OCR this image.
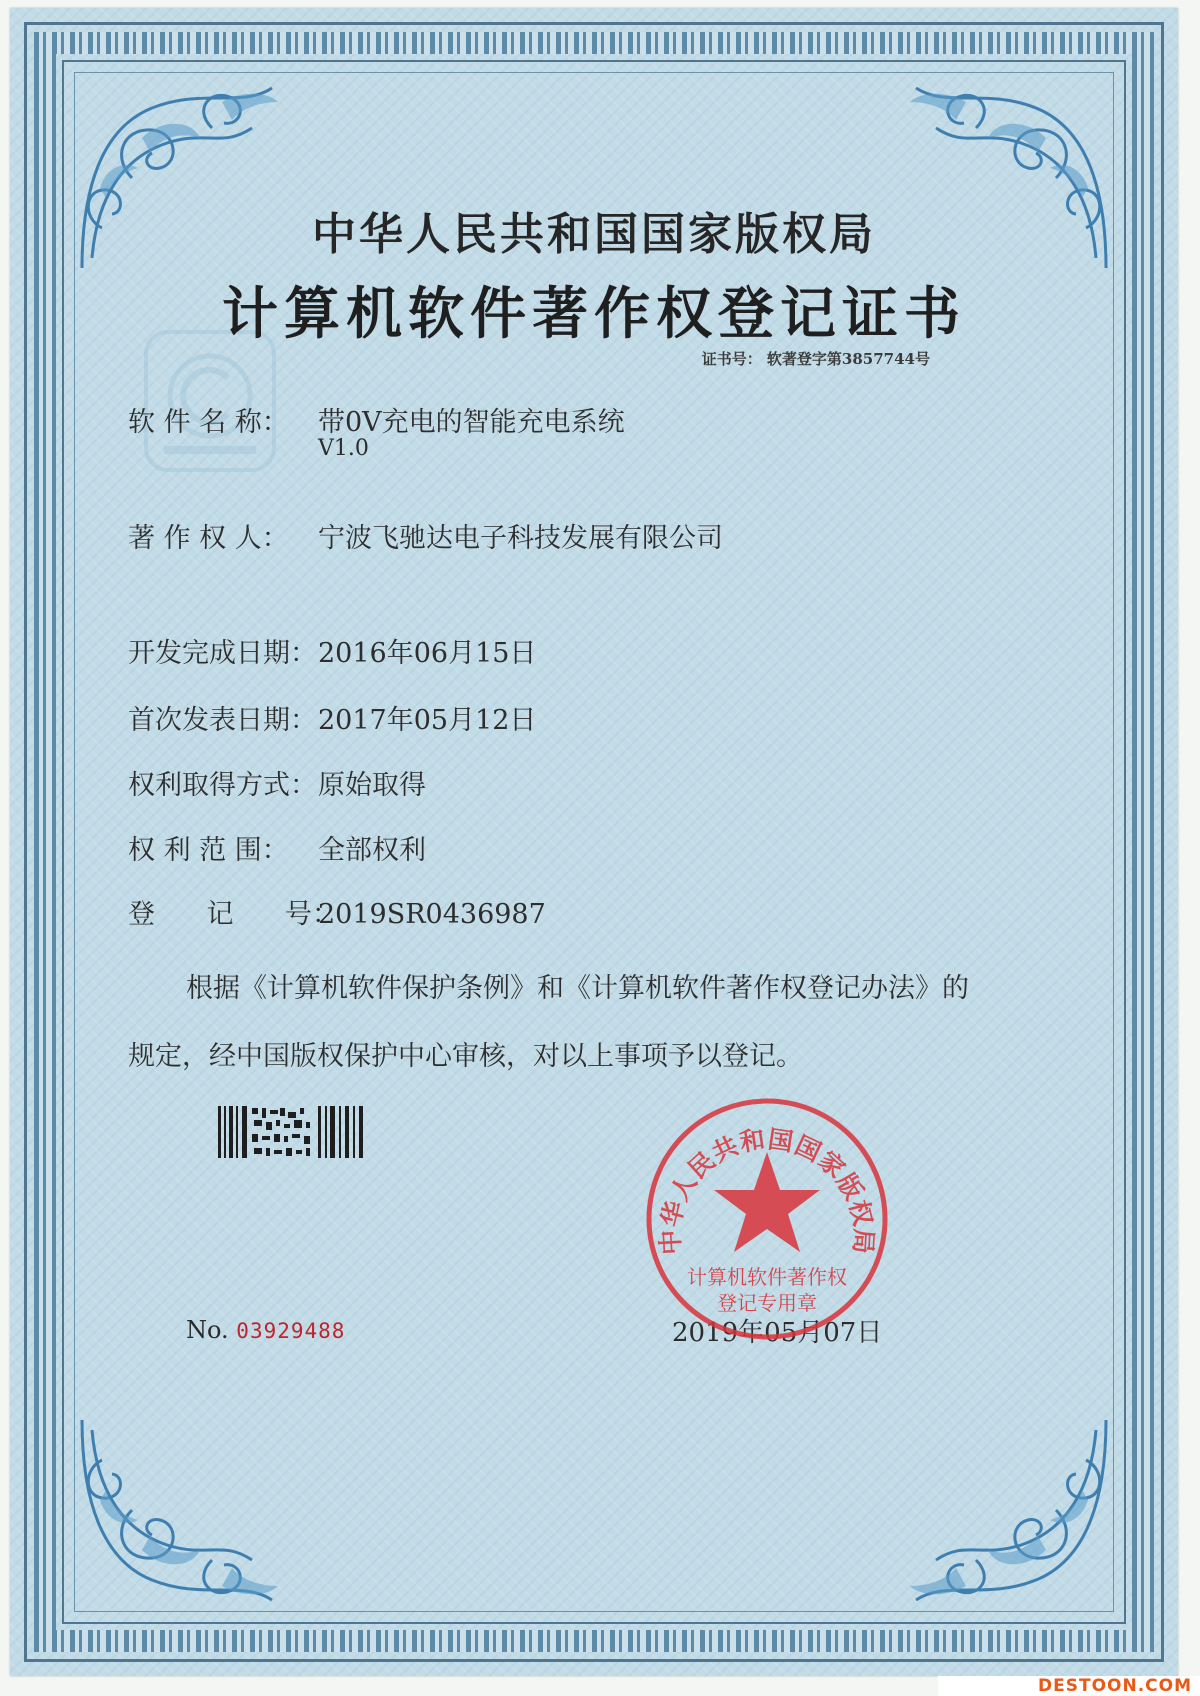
中华人民共和国国家版权局
计算机软件著作权登记证书
证书号： 软著登字第3857744号
软 件 名 称： 带0V充电的智能充电系统
V1.0
著 作 权 人： 宁波飞驰达电子科技发展有限公司
开发完成日期：2016年06月15日
首次发表日期：2017年05月12日
权利取得方式：原始取得
权 利 范 围： 全部权利
登      记      号：2019SR0436987
根据《计算机软件保护条例》和《计算机软件著作权登记办法》的
规定，经中国版权保护中心审核，对以上事项予以登记。
No. 03929488	2019年05月07日
中华人民共和国国家版权局
计算机软件著作权
登记专用章
DESTOON.COM
